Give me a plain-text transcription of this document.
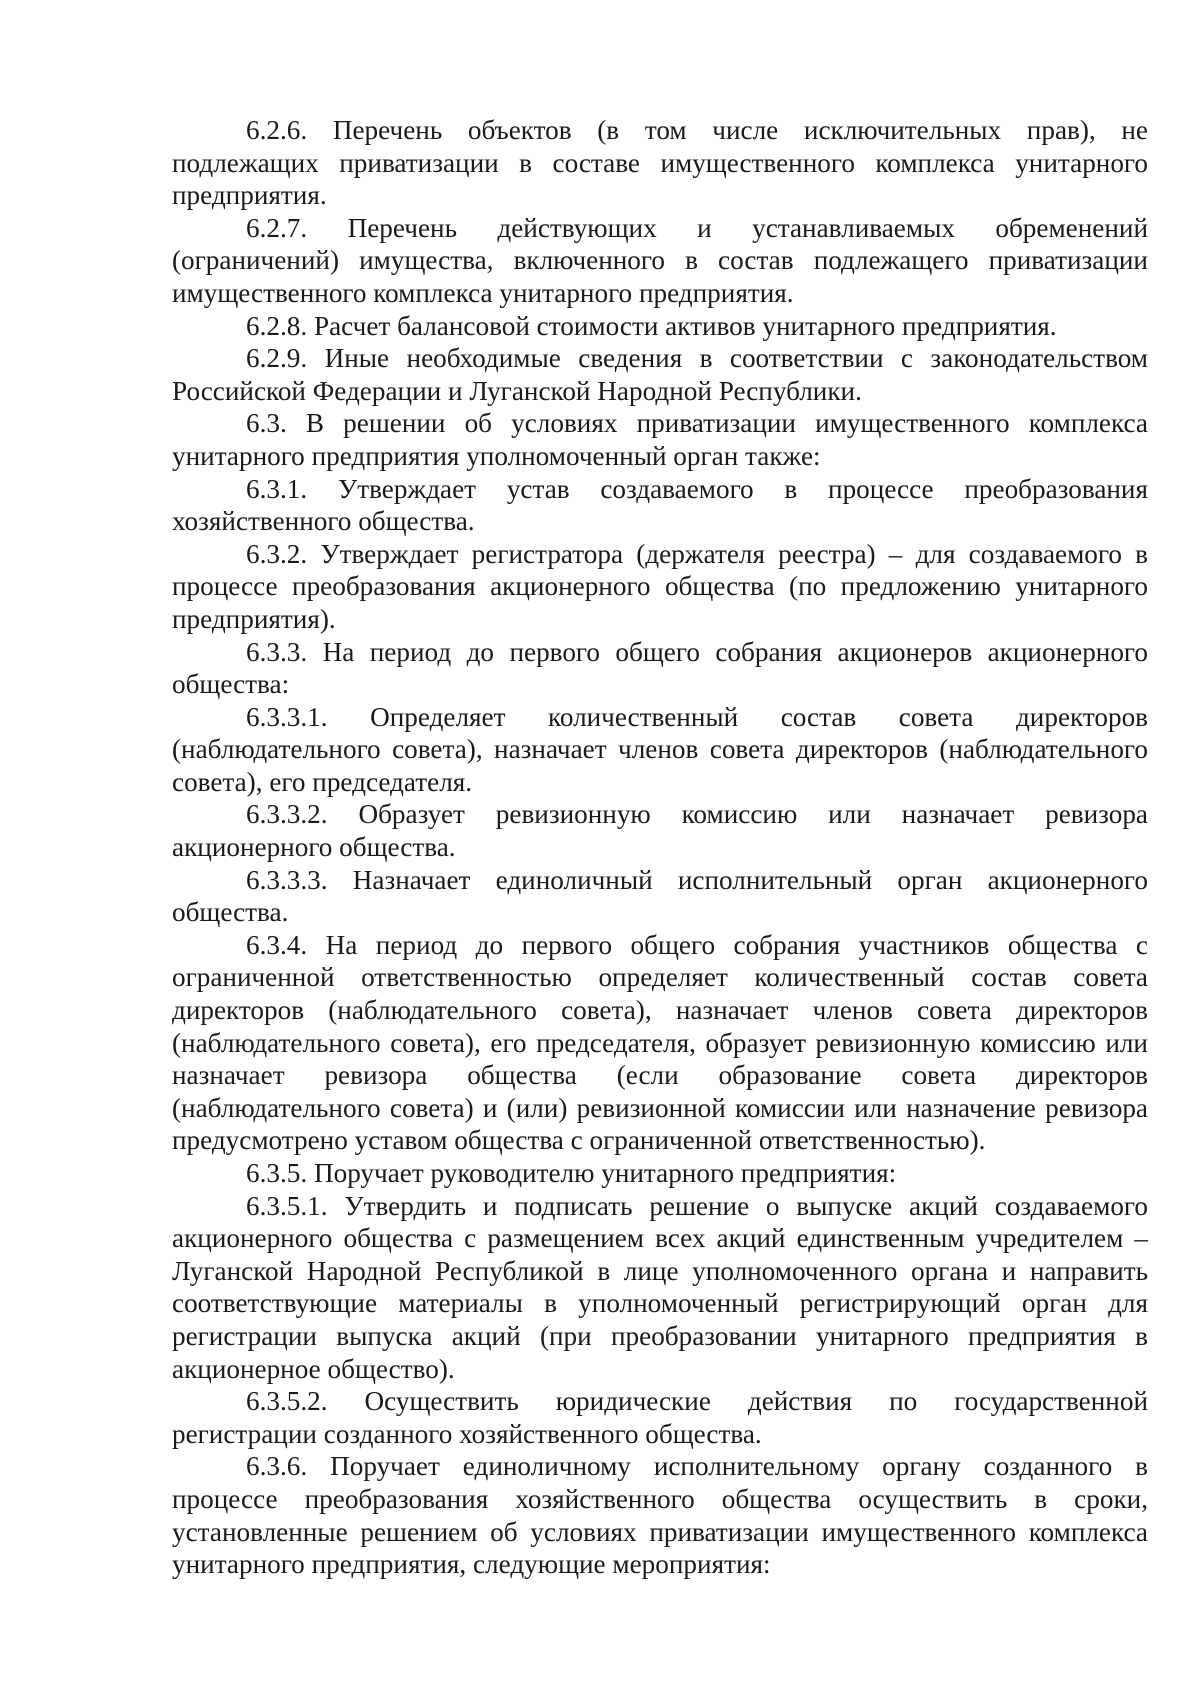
6.2.6. Перечень объектов (в том числе исключительных прав), не подлежащих приватизации в составе имущественного комплекса унитарного предприятия.

6.2.7. Перечень действующих и устанавливаемых обременений (ограничений) имущества, включенного в состав подлежащего приватизации имущественного комплекса унитарного предприятия.

6.2.8. Расчет балансовой стоимости активов унитарного предприятия.

6.2.9. Иные необходимые сведения в соответствии с законодательством Российской Федерации и Луганской Народной Республики.

6.3. В решении об условиях приватизации имущественного комплекса унитарного предприятия уполномоченный орган также:

6.3.1. Утверждает устав создаваемого в процессе преобразования хозяйственного общества.

6.3.2. Утверждает регистратора (держателя реестра) – для создаваемого в процессе преобразования акционерного общества (по предложению унитарного предприятия).

6.3.3. На период до первого общего собрания акционеров акционерного общества:

6.3.3.1. Определяет количественный состав совета директоров (наблюдательного совета), назначает членов совета директоров (наблюдательного совета), его председателя.

6.3.3.2. Образует ревизионную комиссию или назначает ревизора акционерного общества.

6.3.3.3. Назначает единоличный исполнительный орган акционерного общества.

6.3.4. На период до первого общего собрания участников общества с ограниченной ответственностью определяет количественный состав совета директоров (наблюдательного совета), назначает членов совета директоров (наблюдательного совета), его председателя, образует ревизионную комиссию или назначает ревизора общества (если образование совета директоров (наблюдательного совета) и (или) ревизионной комиссии или назначение ревизора предусмотрено уставом общества с ограниченной ответственностью).

6.3.5. Поручает руководителю унитарного предприятия:

6.3.5.1. Утвердить и подписать решение о выпуске акций создаваемого акционерного общества с размещением всех акций единственным учредителем – Луганской Народной Республикой в лице уполномоченного органа и направить соответствующие материалы в уполномоченный регистрирующий орган для регистрации выпуска акций (при преобразовании унитарного предприятия в акционерное общество).

6.3.5.2. Осуществить юридические действия по государственной регистрации созданного хозяйственного общества.

6.3.6. Поручает единоличному исполнительному органу созданного в процессе преобразования хозяйственного общества осуществить в сроки, установленные решением об условиях приватизации имущественного комплекса унитарного предприятия, следующие мероприятия:
